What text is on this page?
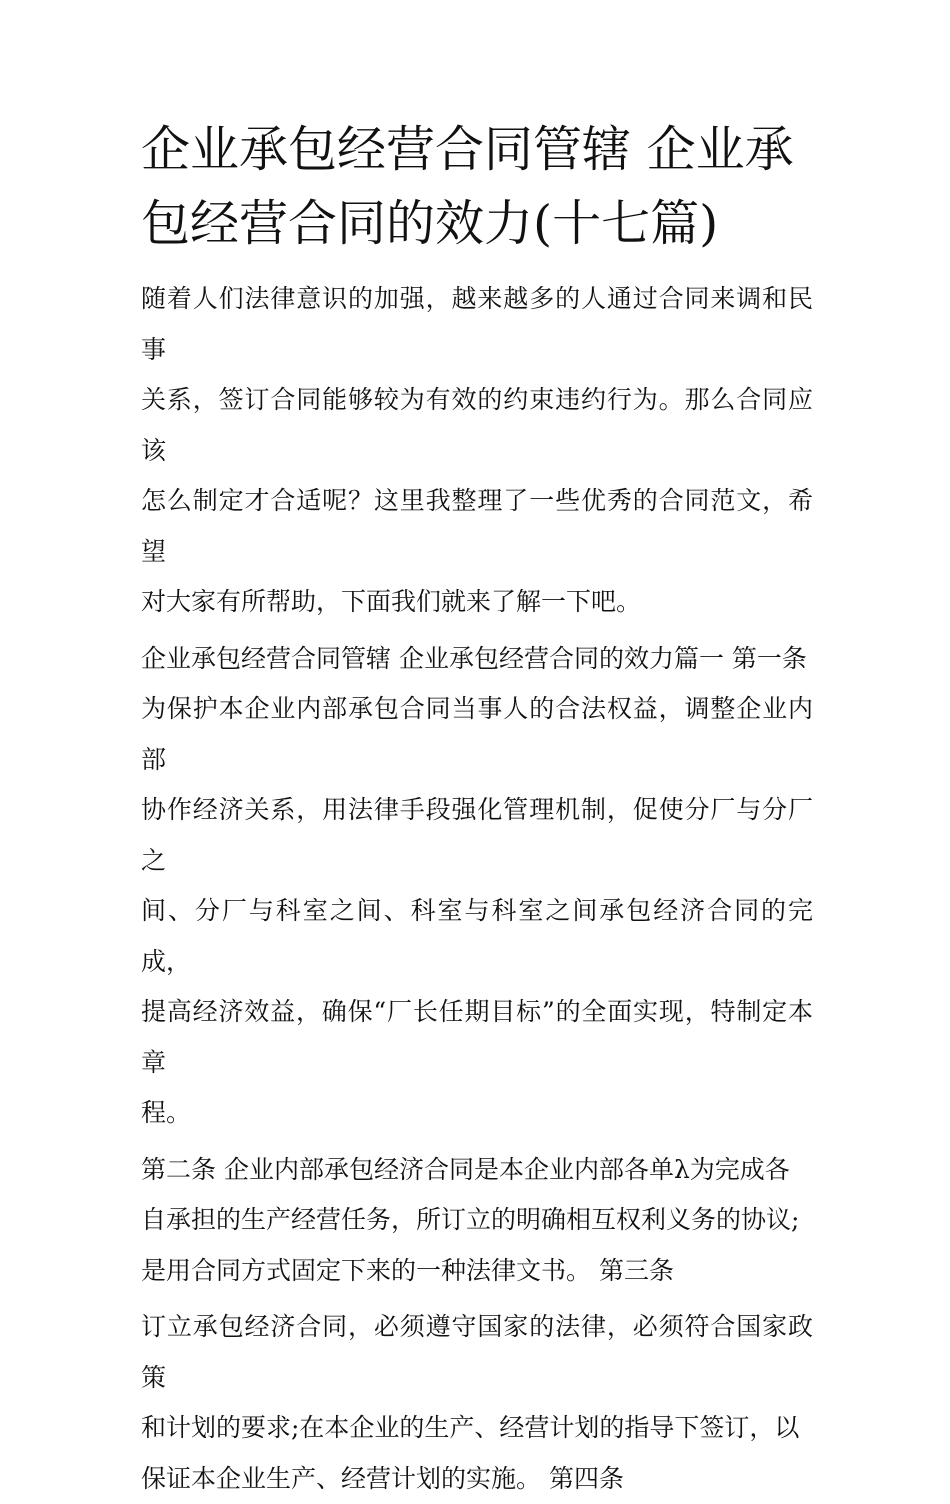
企业承包经营合同管辖 企业承
包经营合同的效力(十七篇)
随着人们法律意识的加强，越来越多的人通过合同来调和民事
关系，签订合同能够较为有效的约束违约行为。那么合同应该
怎么制定才合适呢？这里我整理了一些优秀的合同范文，希望
对大家有所帮助，下面我们就来了解一下吧。
企业承包经营合同管辖 企业承包经营合同的效力篇一 第一条
为保护本企业内部承包合同当事人的合法权益，调整企业内部
协作经济关系，用法律手段强化管理机制，促使分厂与分厂之
间、分厂与科室之间、科室与科室之间承包经济合同的完成，
提高经济效益，确保“厂长任期目标”的全面实现，特制定本章
程。
第二条 企业内部承包经济合同是本企业内部各单λ为完成各
自承担的生产经营任务，所订立的明确相互权利义务的协议;
是用合同方式固定下来的一种法律文书。 第三条
订立承包经济合同，必须遵守国家的法律，必须符合国家政策
和计划的要求;在本企业的生产、经营计划的指导下签订，以
保证本企业生产、经营计划的实施。 第四条
